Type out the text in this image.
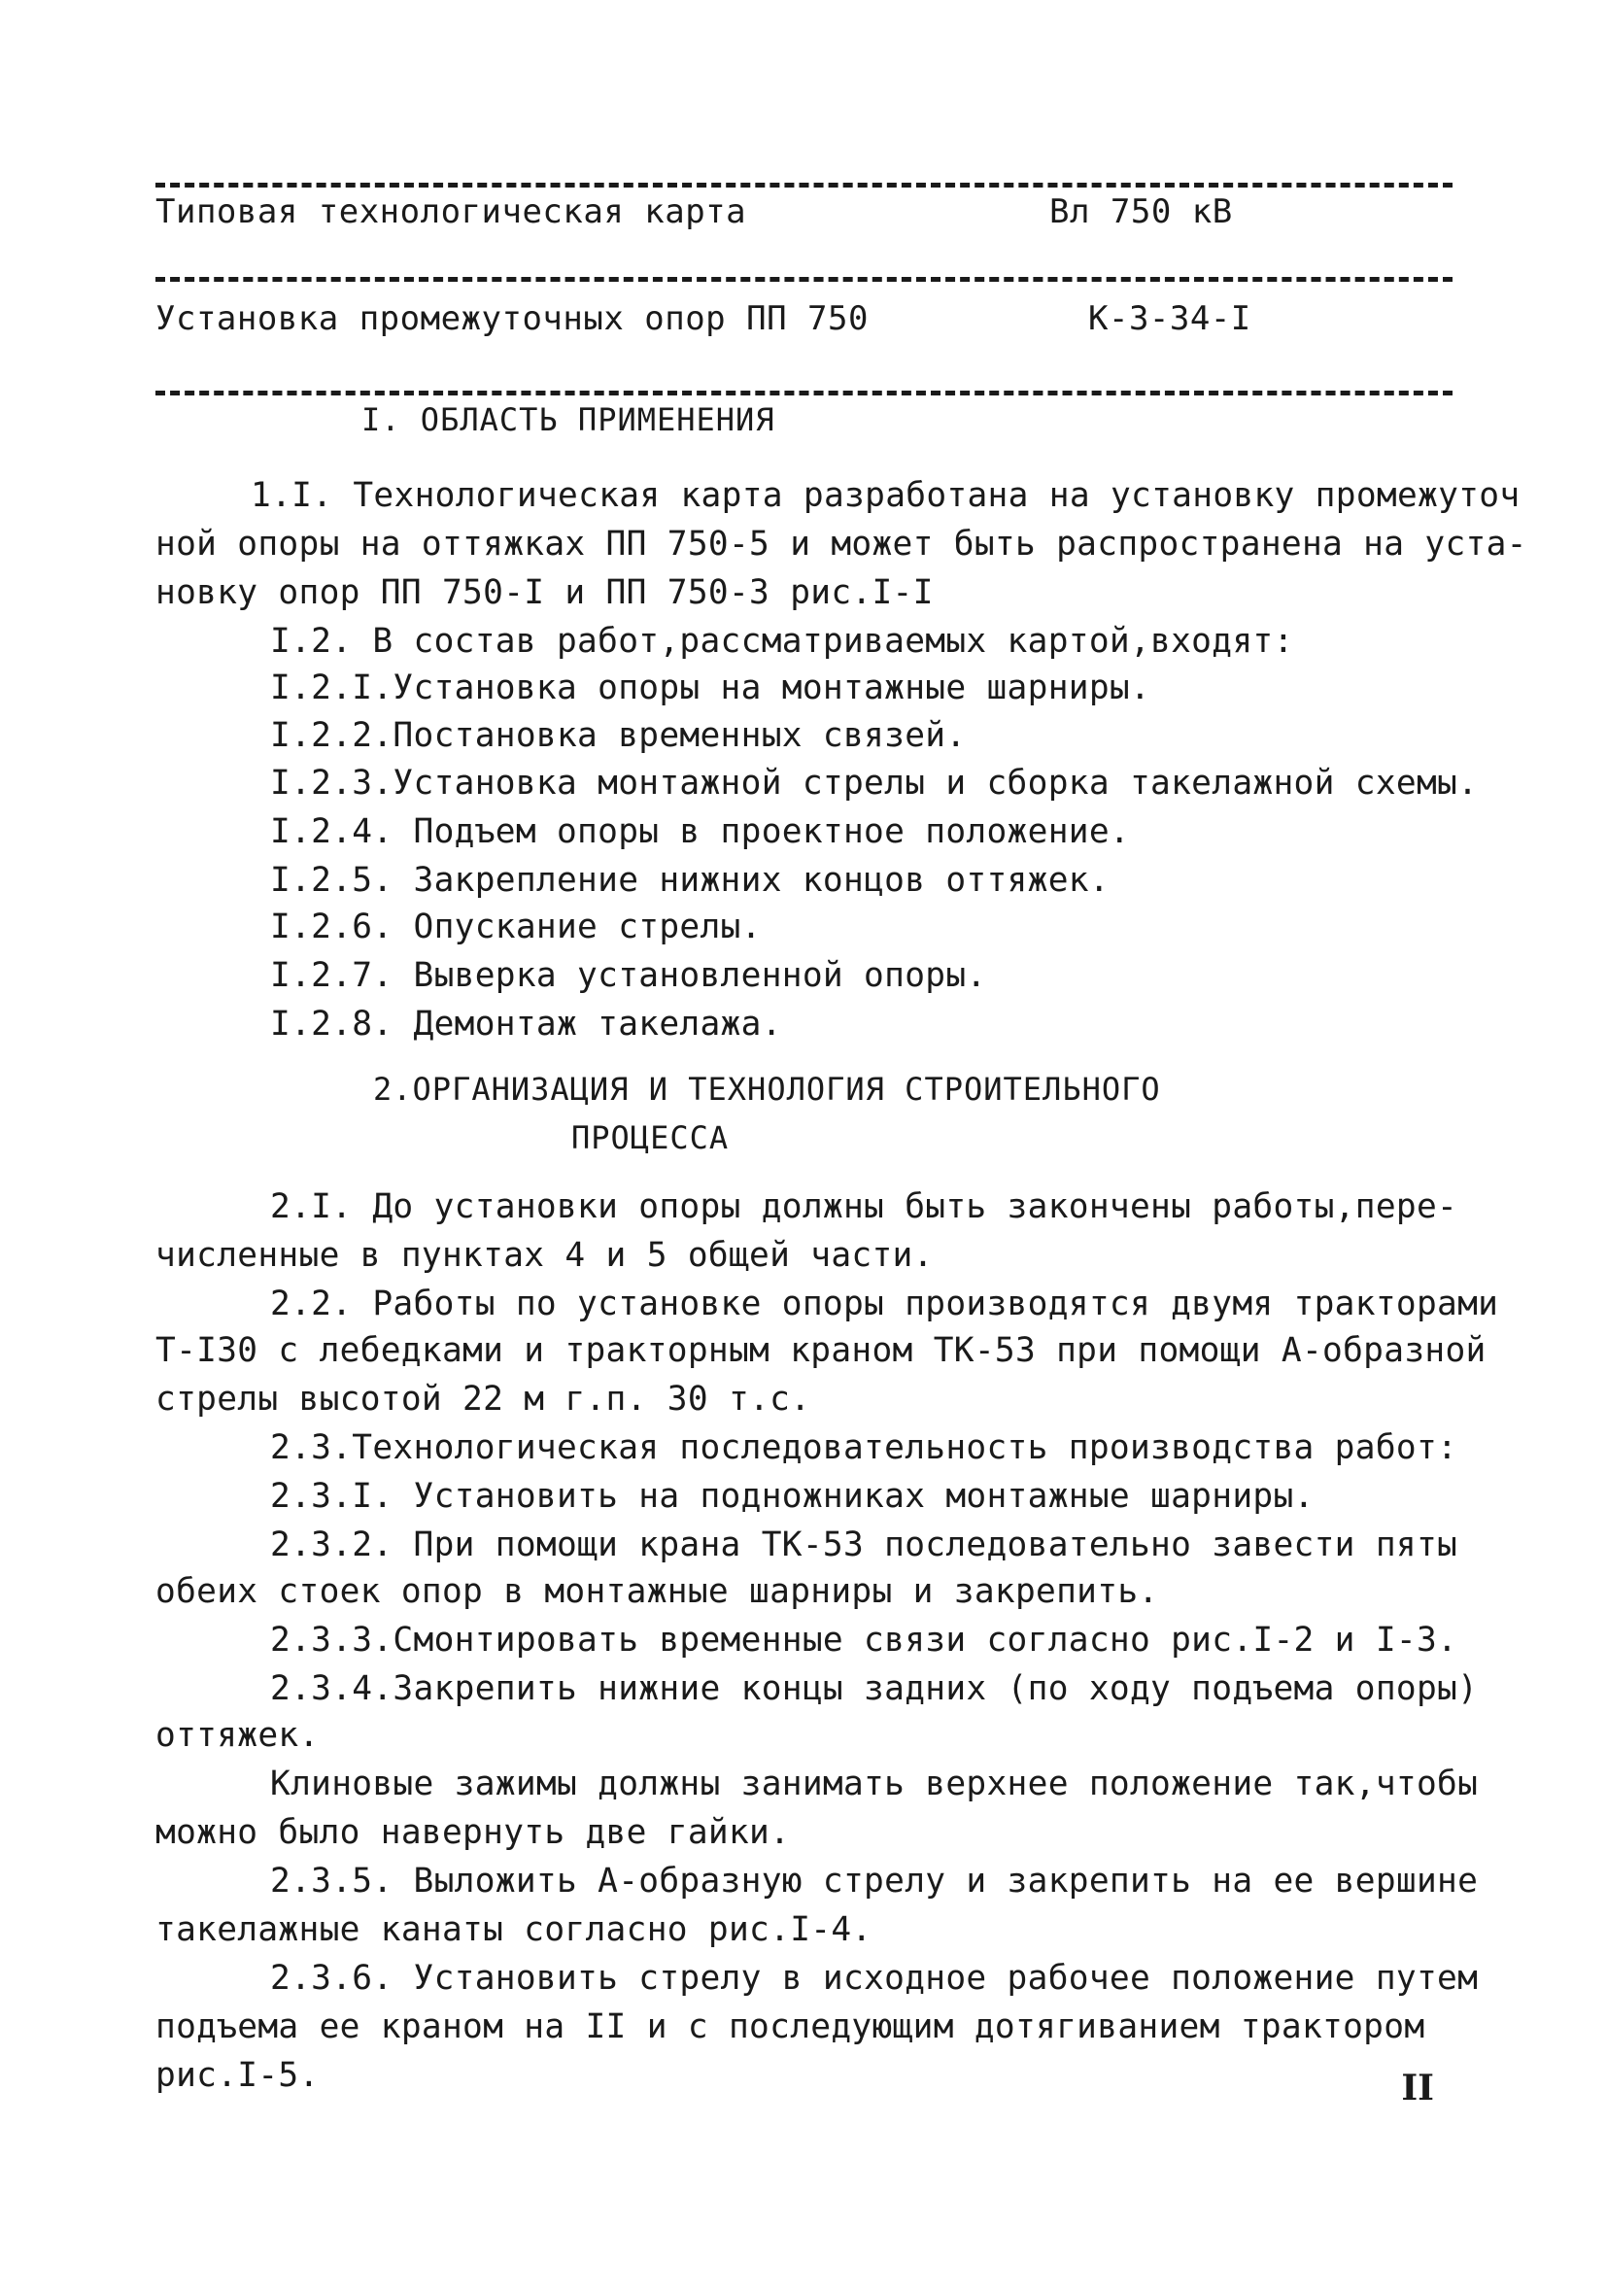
Типовая технологическая карта	Вл 750 кВ
Установка промежуточных опор ПП 750	К-3-34-I
I. ОБЛАСТЬ ПРИМЕНЕНИЯ
1.I. Технологическая карта разработана на установку промежуточ
ной опоры на оттяжках ПП 750-5 и может быть распространена на уста-
новку опор ПП 750-I и ПП 750-3 рис.I-I
I.2. В состав работ,рассматриваемых картой,входят:
I.2.I.Установка опоры на монтажные шарниры.
I.2.2.Постановка временных связей.
I.2.3.Установка монтажной стрелы и сборка такелажной схемы.
I.2.4. Подъем опоры в проектное положение.
I.2.5. Закрепление нижних концов оттяжек.
I.2.6. Опускание стрелы.
I.2.7. Выверка установленной опоры.
I.2.8. Демонтаж такелажа.
2.ОРГАНИЗАЦИЯ И ТЕХНОЛОГИЯ СТРОИТЕЛЬНОГО
ПРОЦЕССА
2.I. До установки опоры должны быть закончены работы,пере-
численные в пунктах 4 и 5 общей части.
2.2. Работы по установке опоры производятся двумя тракторами
Т-I30 с лебедками и тракторным краном ТК-53 при помощи А-образной
стрелы высотой 22 м г.п. 30 т.с.
2.3.Технологическая последовательность производства работ:
2.3.I. Установить на подножниках монтажные шарниры.
2.3.2. При помощи крана ТК-53 последовательно завести пяты
обеих стоек опор в монтажные шарниры и закрепить.
2.3.3.Смонтировать временные связи согласно рис.I-2 и I-3.
2.3.4.Закрепить нижние концы задних (по ходу подъема опоры)
оттяжек.
Клиновые зажимы должны занимать верхнее положение так,чтобы
можно было навернуть две гайки.
2.3.5. Выложить А-образную стрелу и закрепить на ее вершине
такелажные канаты согласно рис.I-4.
2.3.6. Установить стрелу в исходное рабочее положение путем
подъема ее краном на II и с последующим дотягиванием трактором
рис.I-5.	II
